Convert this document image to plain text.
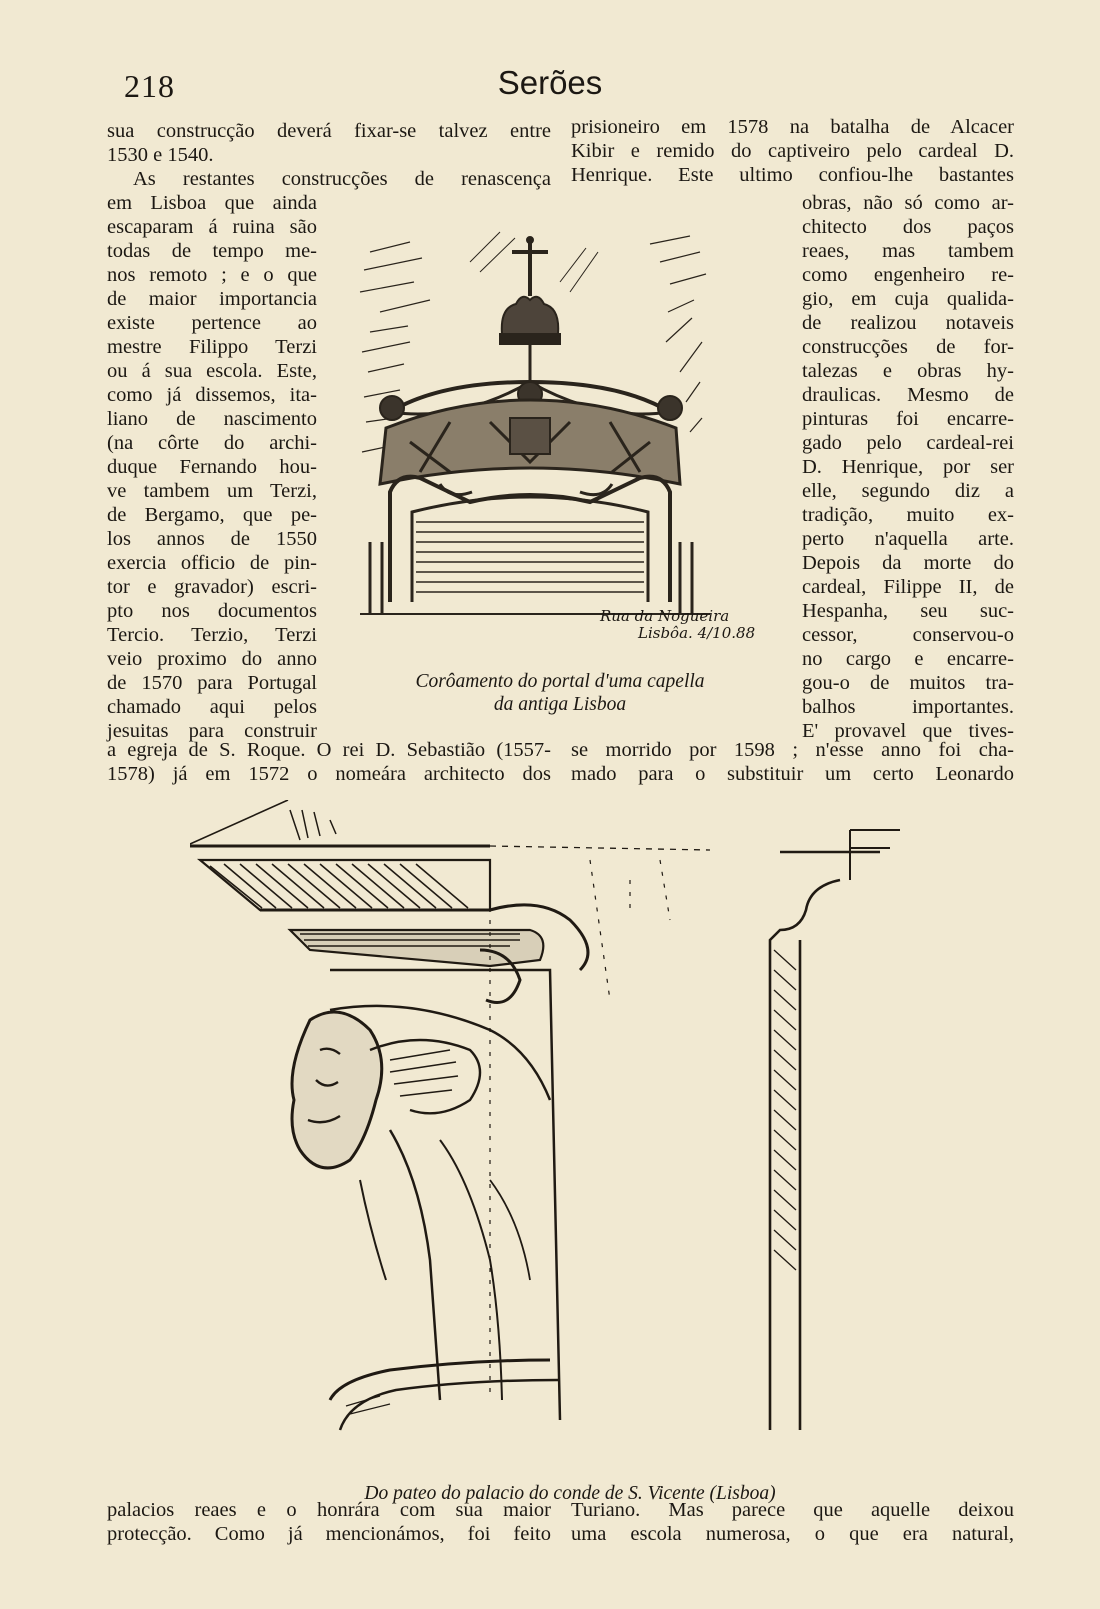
218	Serões
sua construcção deverá fixar-se talvez entre
1530 e 1540.
As restantes construcções de renascença
prisioneiro em 1578 na batalha de Alcacer
Kibir e remido do captiveiro pelo cardeal D.
Henrique. Este ultimo confiou-lhe bastantes
em Lisboa que ainda
escaparam á ruina são
todas de tempo me-
nos remoto ; e o que
de maior importancia
existe pertence ao
mestre Filippo Terzi
ou á sua escola. Este,
como já dissemos, ita-
liano de nascimento
(na côrte do archi-
duque Fernando hou-
ve tambem um Terzi,
de Bergamo, que pe-
los annos de 1550
exercia officio de pin-
tor e gravador) escri-
pto nos documentos
Tercio. Terzio, Terzi
veio proximo do anno
de 1570 para Portugal
chamado aqui pelos
jesuitas para construir
obras, não só como ar-
chitecto dos paços
reaes, mas tambem
como engenheiro re-
gio, em cuja qualida-
de realizou notaveis
construcções de for-
talezas e obras hy-
draulicas. Mesmo de
pinturas foi encarre-
gado pelo cardeal-rei
D. Henrique, por ser
elle, segundo diz a
tradição, muito ex-
perto n'aquella arte.
Depois da morte do
cardeal, Filippe II, de
Hespanha, seu suc-
cessor, conservou-o
no cargo e encarre-
gou-o de muitos tra-
balhos importantes.
E' provavel que tives-
Rua da Nogueira
Lisbôa. 4/10.88
Corôamento do portal d'uma capella
da antiga Lisboa
a egreja de S. Roque. O rei D. Sebastião (1557-
1578) já em 1572 o nomeára architecto dos
se morrido por 1598 ; n'esse anno foi cha-
mado para o substituir um certo Leonardo
Do pateo do palacio do conde de S. Vicente (Lisboa)
palacios reaes e o honrára com sua maior
protecção. Como já mencionámos, foi feito
Turiano. Mas parece que aquelle deixou
uma escola numerosa, o que era natural,
